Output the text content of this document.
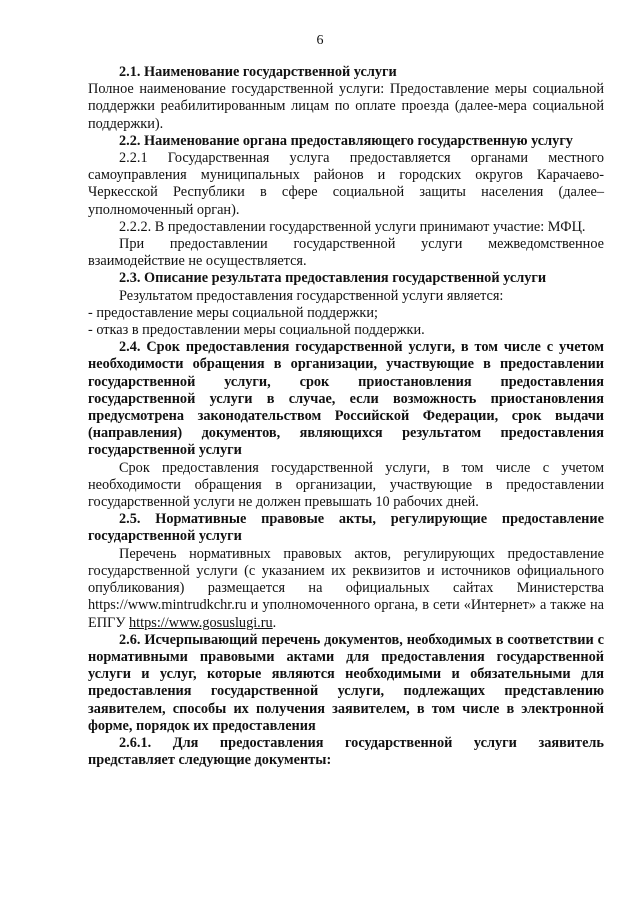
6

2.1. Наименование государственной услуги

Полное наименование государственной услуги: Предоставление меры социальной поддержки реабилитированным лицам по оплате проезда (далее-мера социальной поддержки).

2.2. Наименование органа предоставляющего государственную услугу

2.2.1 Государственная услуга предоставляется органами местного самоуправления муниципальных районов и городских округов Карачаево-Черкесской Республики в сфере социальной защиты населения (далее–уполномоченный орган).

2.2.2. В предоставлении государственной услуги принимают участие: МФЦ.

При предоставлении государственной услуги межведомственное взаимодействие не осуществляется.

2.3. Описание результата предоставления государственной услуги

Результатом предоставления государственной услуги является:

- предоставление меры социальной поддержки;

- отказ в предоставлении меры социальной поддержки.

2.4. Срок предоставления государственной услуги, в том числе с учетом необходимости обращения в организации, участвующие в предоставлении государственной услуги, срок приостановления предоставления государственной услуги в случае, если возможность приостановления предусмотрена законодательством Российской Федерации, срок выдачи (направления) документов, являющихся результатом предоставления государственной услуги

Срок предоставления государственной услуги, в том числе с учетом необходимости обращения в организации, участвующие в предоставлении государственной услуги не должен превышать 10 рабочих дней.

2.5. Нормативные правовые акты, регулирующие предоставление государственной услуги

Перечень нормативных правовых актов, регулирующих предоставление государственной услуги (с указанием их реквизитов и источников официального опубликования) размещается на официальных сайтах Министерства https://www.mintrudkchr.ru и уполномоченного органа, в сети «Интернет» а также на ЕПГУ https://www.gosuslugi.ru.

2.6. Исчерпывающий перечень документов, необходимых в соответствии с нормативными правовыми актами для предоставления государственной услуги и услуг, которые являются необходимыми и обязательными для предоставления государственной услуги, подлежащих представлению заявителем, способы их получения заявителем, в том числе в электронной форме, порядок их предоставления

2.6.1. Для предоставления государственной услуги заявитель представляет следующие документы:
